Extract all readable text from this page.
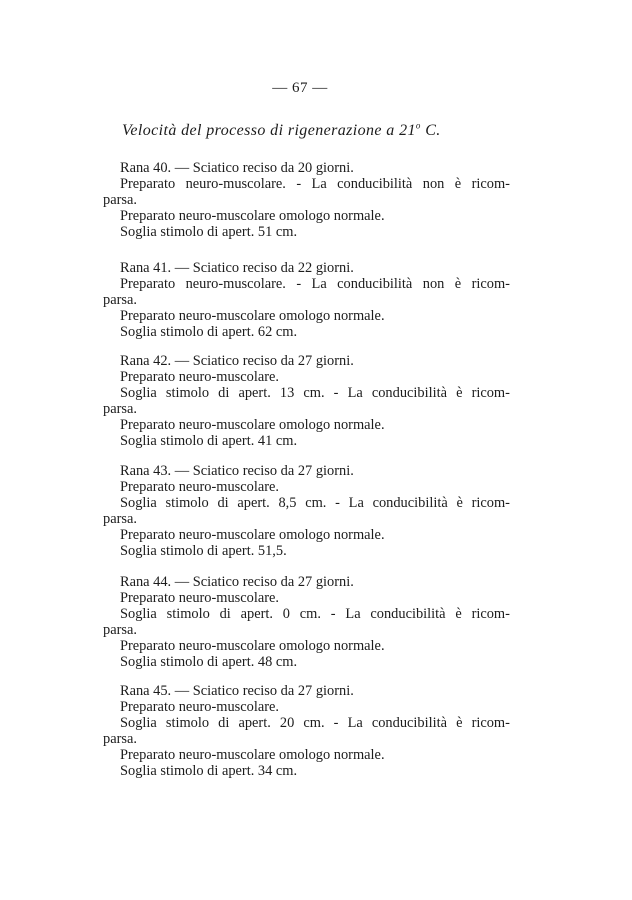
— 67 —
Velocità del processo di rigenerazione a 21$^o$ C.
Rana 40. — Sciatico reciso da 20 giorni.
Preparato neuro-muscolare. - La conducibilità non è ricom-
parsa.
Preparato neuro-muscolare omologo normale.
Soglia stimolo di apert. 51 cm.
Rana 41. — Sciatico reciso da 22 giorni.
Preparato neuro-muscolare. - La conducibilità non è ricom-
parsa.
Preparato neuro-muscolare omologo normale.
Soglia stimolo di apert. 62 cm.
Rana 42. — Sciatico reciso da 27 giorni.
Preparato neuro-muscolare.
Soglia stimolo di apert. 13 cm. - La conducibilità è ricom-
parsa.
Preparato neuro-muscolare omologo normale.
Soglia stimolo di apert. 41 cm.
Rana 43. — Sciatico reciso da 27 giorni.
Preparato neuro-muscolare.
Soglia stimolo di apert. 8,5 cm. - La conducibilità è ricom-
parsa.
Preparato neuro-muscolare omologo normale.
Soglia stimolo di apert. 51,5.
Rana 44. — Sciatico reciso da 27 giorni.
Preparato neuro-muscolare.
Soglia stimolo di apert. 0 cm. - La conducibilità è ricom-
parsa.
Preparato neuro-muscolare omologo normale.
Soglia stimolo di apert. 48 cm.
Rana 45. — Sciatico reciso da 27 giorni.
Preparato neuro-muscolare.
Soglia stimolo di apert. 20 cm. - La conducibilità è ricom-
parsa.
Preparato neuro-muscolare omologo normale.
Soglia stimolo di apert. 34 cm.
